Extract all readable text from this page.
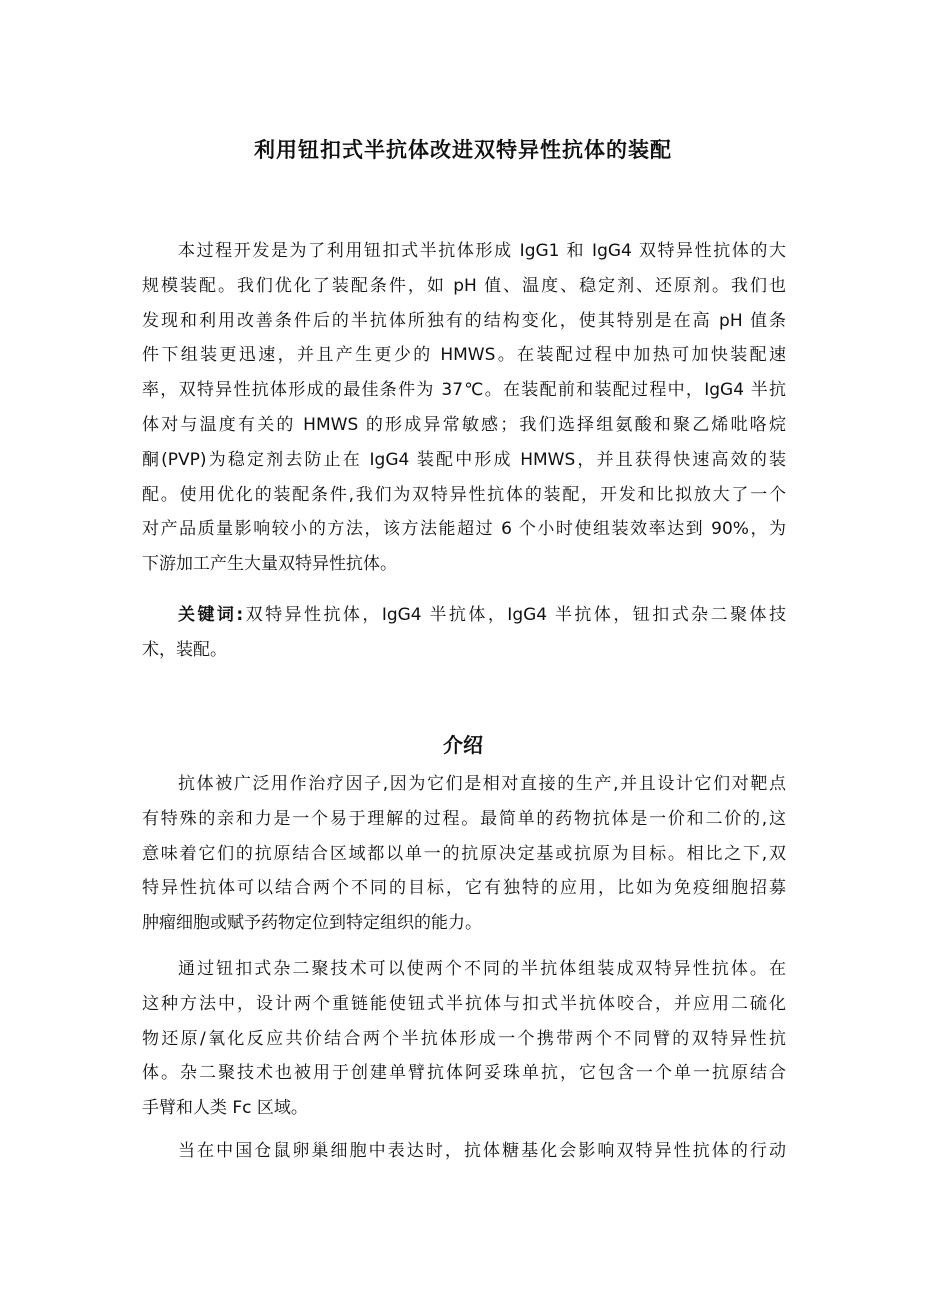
利用钮扣式半抗体改进双特异性抗体的装配

本过程开发是为了利用钮扣式半抗体形成 IgG1 和 IgG4 双特异性抗体的大
规模装配。我们优化了装配条件，如 pH 值、温度、稳定剂、还原剂。我们也
发现和利用改善条件后的半抗体所独有的结构变化，使其特别是在高 pH 值条
件下组装更迅速，并且产生更少的 HMWS。在装配过程中加热可加快装配速
率，双特异性抗体形成的最佳条件为 37℃。在装配前和装配过程中，IgG4 半抗
体对与温度有关的 HMWS 的形成异常敏感；我们选择组氨酸和聚乙烯吡咯烷
酮(PVP)为稳定剂去防止在 IgG4 装配中形成 HMWS，并且获得快速高效的装
配。使用优化的装配条件,我们为双特异性抗体的装配，开发和比拟放大了一个
对产品质量影响较小的方法，该方法能超过 6 个小时使组装效率达到 90%，为
下游加工产生大量双特异性抗体。

关键词:双特异性抗体，IgG4 半抗体，IgG4 半抗体，钮扣式杂二聚体技
术，装配。

介绍

抗体被广泛用作治疗因子,因为它们是相对直接的生产,并且设计它们对靶点
有特殊的亲和力是一个易于理解的过程。最简单的药物抗体是一价和二价的,这
意味着它们的抗原结合区域都以单一的抗原决定基或抗原为目标。相比之下,双
特异性抗体可以结合两个不同的目标，它有独特的应用，比如为免疫细胞招募
肿瘤细胞或赋予药物定位到特定组织的能力。

通过钮扣式杂二聚技术可以使两个不同的半抗体组装成双特异性抗体。在
这种方法中，设计两个重链能使钮式半抗体与扣式半抗体咬合，并应用二硫化
物还原/氧化反应共价结合两个半抗体形成一个携带两个不同臂的双特异性抗
体。杂二聚技术也被用于创建单臂抗体阿妥珠单抗，它包含一个单一抗原结合
手臂和人类 Fc 区域。

当在中国仓鼠卵巢细胞中表达时，抗体糖基化会影响双特异性抗体的行动
